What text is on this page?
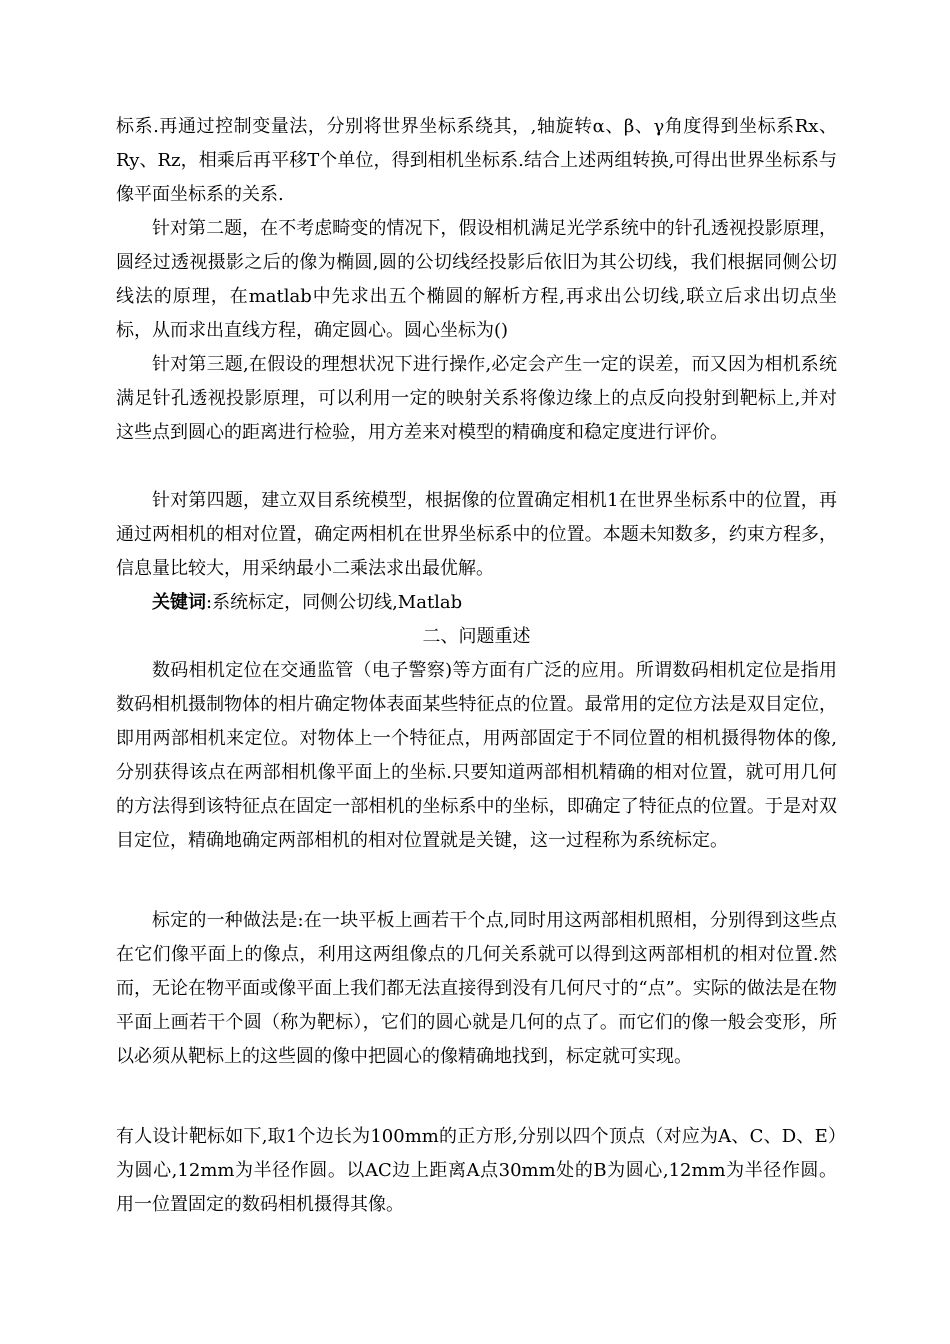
标系.再通过控制变量法，分别将世界坐标系绕其，,轴旋转α、β、γ角度得到坐标系Rx、Ry、Rz，相乘后再平移T个单位，得到相机坐标系.结合上述两组转换,可得出世界坐标系与像平面坐标系的关系.

针对第二题，在不考虑畸变的情况下，假设相机满足光学系统中的针孔透视投影原理，圆经过透视摄影之后的像为椭圆,圆的公切线经投影后依旧为其公切线，我们根据同侧公切线法的原理，在matlab中先求出五个椭圆的解析方程,再求出公切线,联立后求出切点坐标，从而求出直线方程，确定圆心。圆心坐标为()

针对第三题,在假设的理想状况下进行操作,必定会产生一定的误差，而又因为相机系统满足针孔透视投影原理，可以利用一定的映射关系将像边缘上的点反向投射到靶标上,并对这些点到圆心的距离进行检验，用方差来对模型的精确度和稳定度进行评价。

针对第四题，建立双目系统模型，根据像的位置确定相机1在世界坐标系中的位置，再通过两相机的相对位置，确定两相机在世界坐标系中的位置。本题未知数多，约束方程多，信息量比较大，用采纳最小二乘法求出最优解。

关键词:系统标定，同侧公切线,Matlab

二、问题重述

数码相机定位在交通监管（电子警察)等方面有广泛的应用。所谓数码相机定位是指用数码相机摄制物体的相片确定物体表面某些特征点的位置。最常用的定位方法是双目定位，即用两部相机来定位。对物体上一个特征点，用两部固定于不同位置的相机摄得物体的像,分别获得该点在两部相机像平面上的坐标.只要知道两部相机精确的相对位置，就可用几何的方法得到该特征点在固定一部相机的坐标系中的坐标，即确定了特征点的位置。于是对双目定位，精确地确定两部相机的相对位置就是关键，这一过程称为系统标定。

标定的一种做法是:在一块平板上画若干个点,同时用这两部相机照相，分别得到这些点在它们像平面上的像点，利用这两组像点的几何关系就可以得到这两部相机的相对位置.然而，无论在物平面或像平面上我们都无法直接得到没有几何尺寸的“点”。实际的做法是在物平面上画若干个圆（称为靶标），它们的圆心就是几何的点了。而它们的像一般会变形，所以必须从靶标上的这些圆的像中把圆心的像精确地找到，标定就可实现。

有人设计靶标如下,取1个边长为100mm的正方形,分别以四个顶点（对应为A、C、D、E）为圆心,12mm为半径作圆。以AC边上距离A点30mm处的B为圆心,12mm为半径作圆。用一位置固定的数码相机摄得其像。
